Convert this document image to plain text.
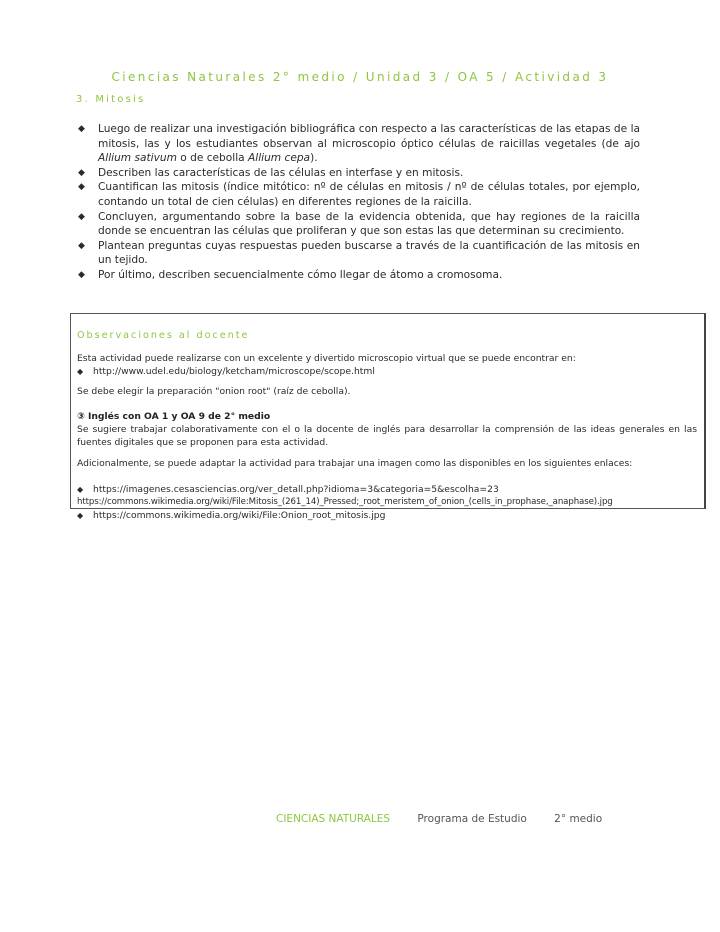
Ciencias Naturales 2° medio / Unidad 3 / OA 5 / Actividad 3
3. Mitosis
◆ Luego de realizar una investigación bibliográfica con respecto a las características de las etapas de la mitosis, las y los estudiantes observan al microscopio óptico células de raicillas vegetales (de ajo Allium sativum o de cebolla Allium cepa).
◆ Describen las características de las células en interfase y en mitosis.
◆ Cuantifican las mitosis (índice mitótico: nº de células en mitosis / nº de células totales, por ejemplo, contando un total de cien células) en diferentes regiones de la raicilla.
◆ Concluyen, argumentando sobre la base de la evidencia obtenida, que hay regiones de la raicilla donde se encuentran las células que proliferan y que son estas las que determinan su crecimiento.
◆ Plantean preguntas cuyas respuestas pueden buscarse a través de la cuantificación de las mitosis en un tejido.
◆ Por último, describen secuencialmente cómo llegar de átomo a cromosoma.
Observaciones al docente
Esta actividad puede realizarse con un excelente y divertido microscopio virtual que se puede encontrar en:
◆ http://www.udel.edu/biology/ketcham/microscope/scope.html
Se debe elegir la preparación "onion root" (raíz de cebolla).
③ Inglés con OA 1 y OA 9 de 2° medio
Se sugiere trabajar colaborativamente con el o la docente de inglés para desarrollar la comprensión de las ideas generales en las fuentes digitales que se proponen para esta actividad.
Adicionalmente, se puede adaptar la actividad para trabajar una imagen como las disponibles en los siguientes enlaces:
◆ https://imagenes.cesasciencias.org/ver_detall.php?idioma=3&categoria=5&escolha=23
◆ https://commons.wikimedia.org/wiki/File:Onion_root_mitosis.jpg
https://commons.wikimedia.org/wiki/File:Mitosis_(261_14)_Pressed;_root_meristem_of_onion_(cells_in_prophase,_anaphase).jpg
CIENCIAS NATURALES	Programa de Estudio	2° medio
